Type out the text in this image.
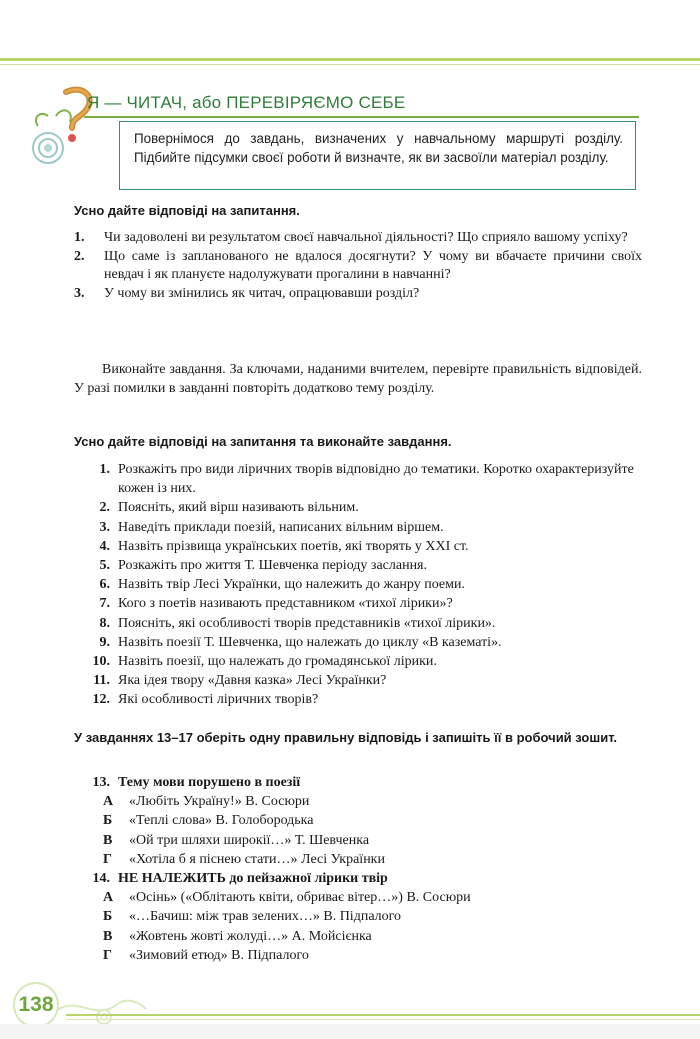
Я — ЧИТАЧ, або ПЕРЕВІРЯЄМО СЕБЕ
Повернімося до завдань, визначених у навчальному маршруті розділу. Підбийте підсумки своєї роботи й визначте, як ви засвоїли матеріал розділу.
Усно дайте відповіді на запитання.
1.	Чи задоволені ви результатом своєї навчальної діяльності? Що сприяло вашому успіху?
2.	Що саме із запланованого не вдалося досягнути? У чому ви вбачаєте причини своїх невдач і як плануєте надолужувати прогалини в навчанні?
3.	У чому ви змінились як читач, опрацювавши розділ?
Виконайте завдання. За ключами, наданими вчителем, перевірте правильність відповідей. У разі помилки в завданні повторіть додатково тему розділу.
Усно дайте відповіді на запитання та виконайте завдання.
1. Розкажіть про види ліричних творів відповідно до тематики. Коротко охарактеризуйте кожен із них.
2. Поясніть, який вірш називають вільним.
3. Наведіть приклади поезій, написаних вільним віршем.
4. Назвіть прізвища українських поетів, які творять у XXI ст.
5. Розкажіть про життя Т. Шевченка періоду заслання.
6. Назвіть твір Лесі Українки, що належить до жанру поеми.
7. Кого з поетів називають представником «тихої лірики»?
8. Поясніть, які особливості творів представників «тихої лірики».
9. Назвіть поезії Т. Шевченка, що належать до циклу «В казематі».
10. Назвіть поезії, що належать до громадянської лірики.
11. Яка ідея твору «Давня казка» Лесі Українки?
12. Які особливості ліричних творів?
У завданнях 13–17 оберіть одну правильну відповідь і запишіть її в робочий зошит.
13. Тему мови порушено в поезії
А	«Любіть Україну!» В. Сосюри
Б	«Теплі слова» В. Голобородька
В	«Ой три шляхи широкії…» Т. Шевченка
Г	«Хотіла б я піснею стати…» Лесі Українки
14. НЕ НАЛЕЖИТЬ до пейзажної лірики твір
А	«Осінь» («Облітають квіти, обриває вітер…») В. Сосюри
Б	«…Бачиш: між трав зелених…» В. Підпалого
В	«Жовтень жовті жолуді…» А. Мойсієнка
Г	«Зимовий етюд» В. Підпалого
138
